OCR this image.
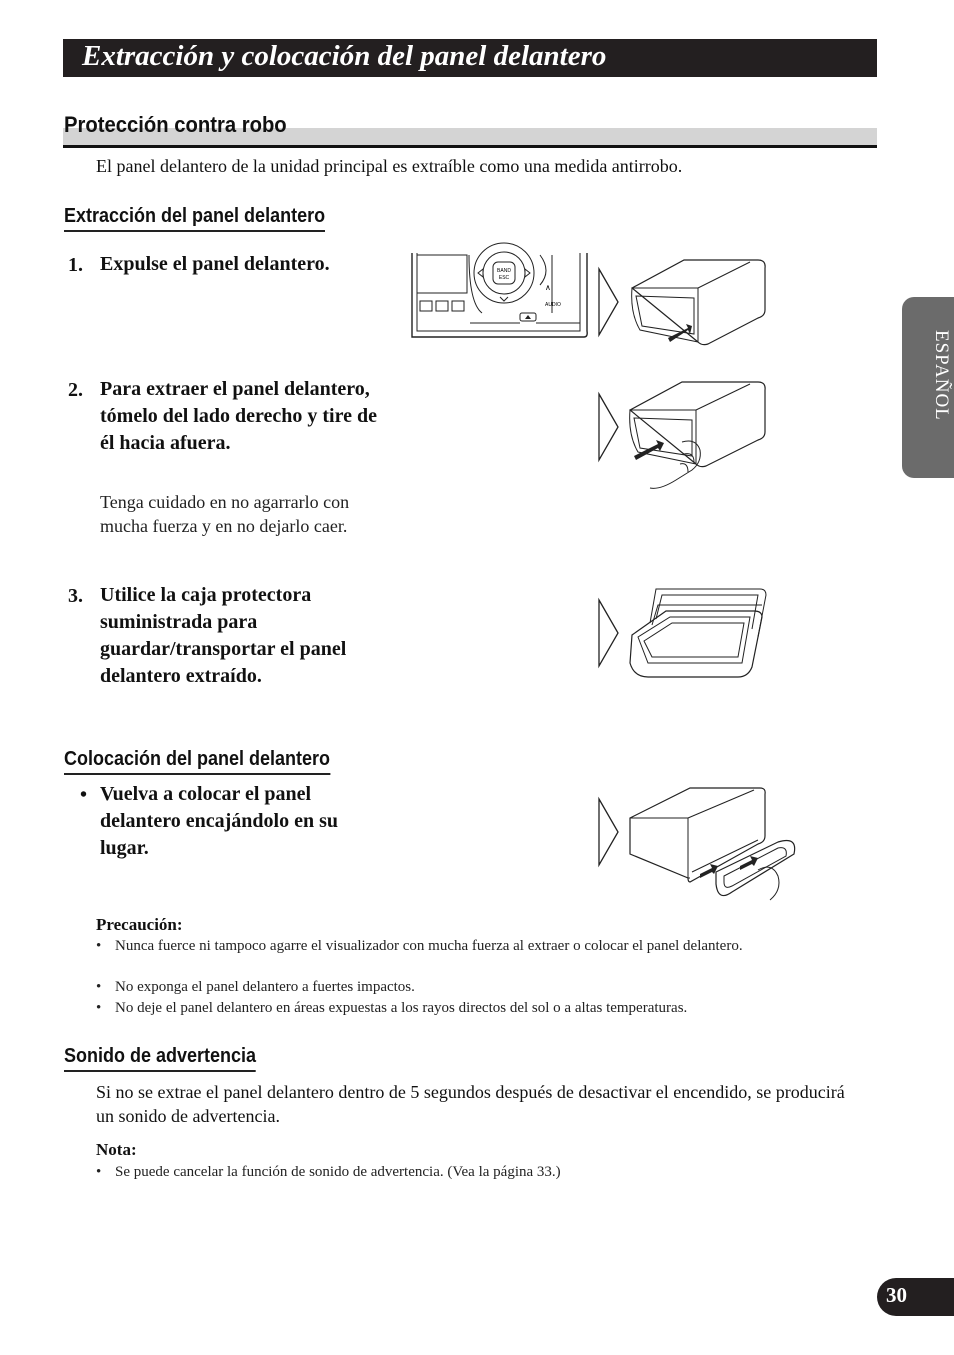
Extracción y colocación del panel delantero
Protección contra robo
El panel delantero de la unidad principal es extraíble como una medida antirrobo.
Extracción del panel delantero
1. Expulse el panel delantero.
2. Para extraer el panel delantero, tómelo del lado derecho y tire de él hacia afuera.
Tenga cuidado en no agarrarlo con mucha fuerza y en no dejarlo caer.
3. Utilice la caja protectora suministrada para guardar/transportar el panel delantero extraído.
Colocación del panel delantero
• Vuelva a colocar el panel delantero encajándolo en su lugar.
Precaución:
• Nunca fuerce ni tampoco agarre el visualizador con mucha fuerza al extraer o colocar el panel delantero.
• No exponga el panel delantero a fuertes impactos.
• No deje el panel delantero en áreas expuestas a los rayos directos del sol o a altas temperaturas.
Sonido de advertencia
Si no se extrae el panel delantero dentro de 5 segundos después de desactivar el encendido, se producirá un sonido de advertencia.
Nota:
• Se puede cancelar la función de sonido de advertencia. (Vea la página 33.)
BAND
ESC
∧
AUDIO
ESPAÑOL
30
